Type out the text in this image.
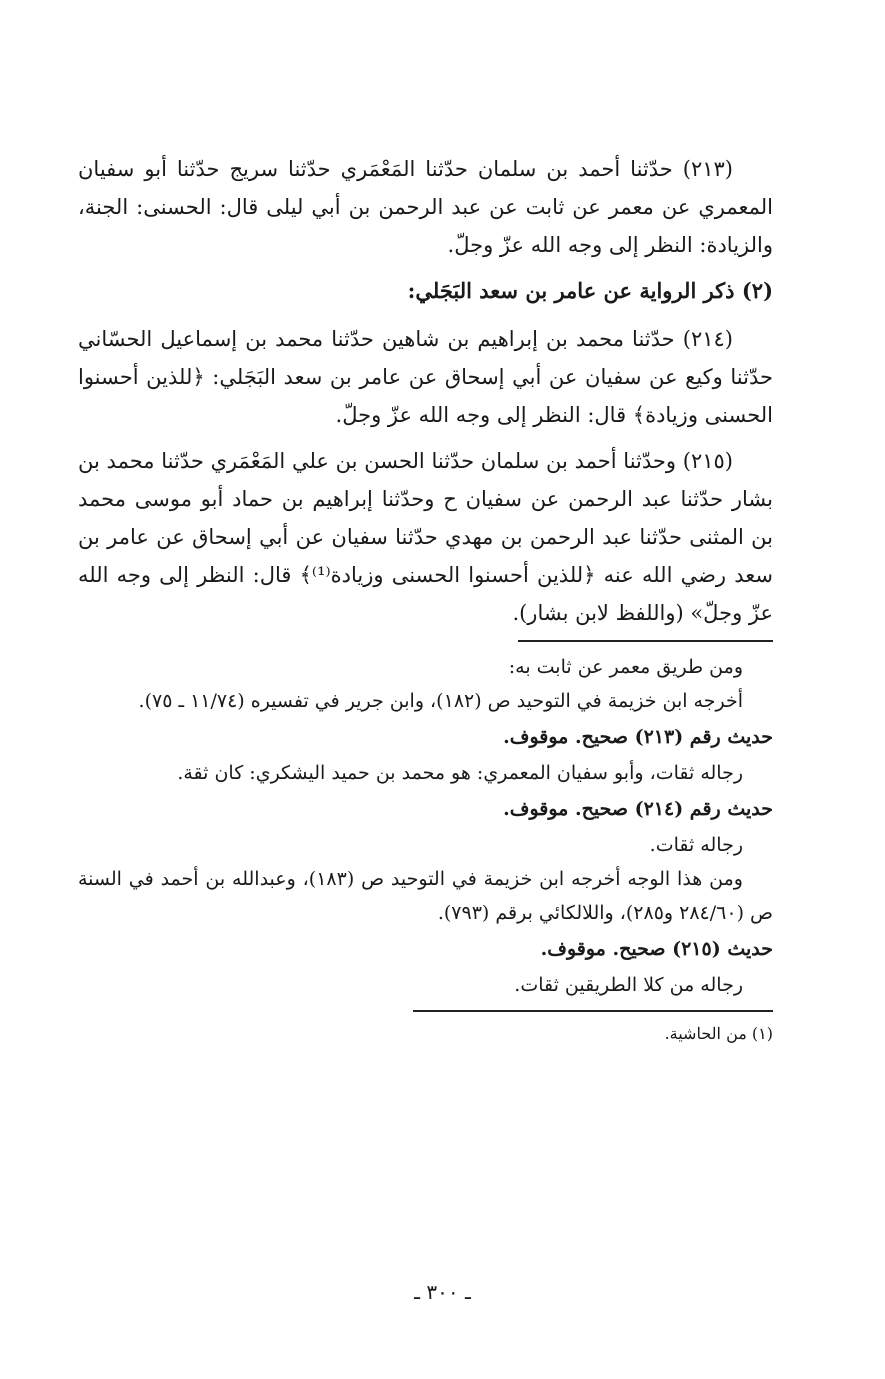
(٢١٣) حدّثنا أحمد بن سلمان حدّثنا المَعْمَري حدّثنا سريج حدّثنا أبو سفيان المعمري عن معمر عن ثابت عن عبد الرحمن بن أبي ليلى قال: الحسنى: الجنة، والزيادة: النظر إلى وجه الله عزّ وجلّ.

(٢) ذكر الرواية عن عامر بن سعد البَجَلي:

(٢١٤) حدّثنا محمد بن إبراهيم بن شاهين حدّثنا محمد بن إسماعيل الحسّاني حدّثنا وكيع عن سفيان عن أبي إسحاق عن عامر بن سعد البَجَلي: ﴿للذين أحسنوا الحسنى وزيادة﴾ قال: النظر إلى وجه الله عزّ وجلّ.

(٢١٥) وحدّثنا أحمد بن سلمان حدّثنا الحسن بن علي المَعْمَري حدّثنا محمد بن بشار حدّثنا عبد الرحمن عن سفيان ح وحدّثنا إبراهيم بن حماد أبو موسى محمد بن المثنى حدّثنا عبد الرحمن بن مهدي حدّثنا سفيان عن أبي إسحاق عن عامر بن سعد رضي الله عنه ﴿للذين أحسنوا الحسنى وزيادة⁽¹⁾﴾ قال: النظر إلى وجه الله عزّ وجلّ» (واللفظ لابن بشار).

ومن طريق معمر عن ثابت به:

أخرجه ابن خزيمة في التوحيد ص (١٨٢)، وابن جرير في تفسيره (١١/٧٤ ـ ٧٥).

حديث رقم (٢١٣) صحيح. موقوف.

رجاله ثقات، وأبو سفيان المعمري: هو محمد بن حميد اليشكري: كان ثقة.

حديث رقم (٢١٤) صحيح. موقوف.

رجاله ثقات.

ومن هذا الوجه أخرجه ابن خزيمة في التوحيد ص (١٨٣)، وعبدالله بن أحمد في السنة ص (٢٨٤/٦٠ و٢٨٥)، واللالكائي برقم (٧٩٣).

حديث (٢١٥) صحيح. موقوف.

رجاله من كلا الطريقين ثقات.

(١) من الحاشية.

ـ ٣٠٠ ـ
